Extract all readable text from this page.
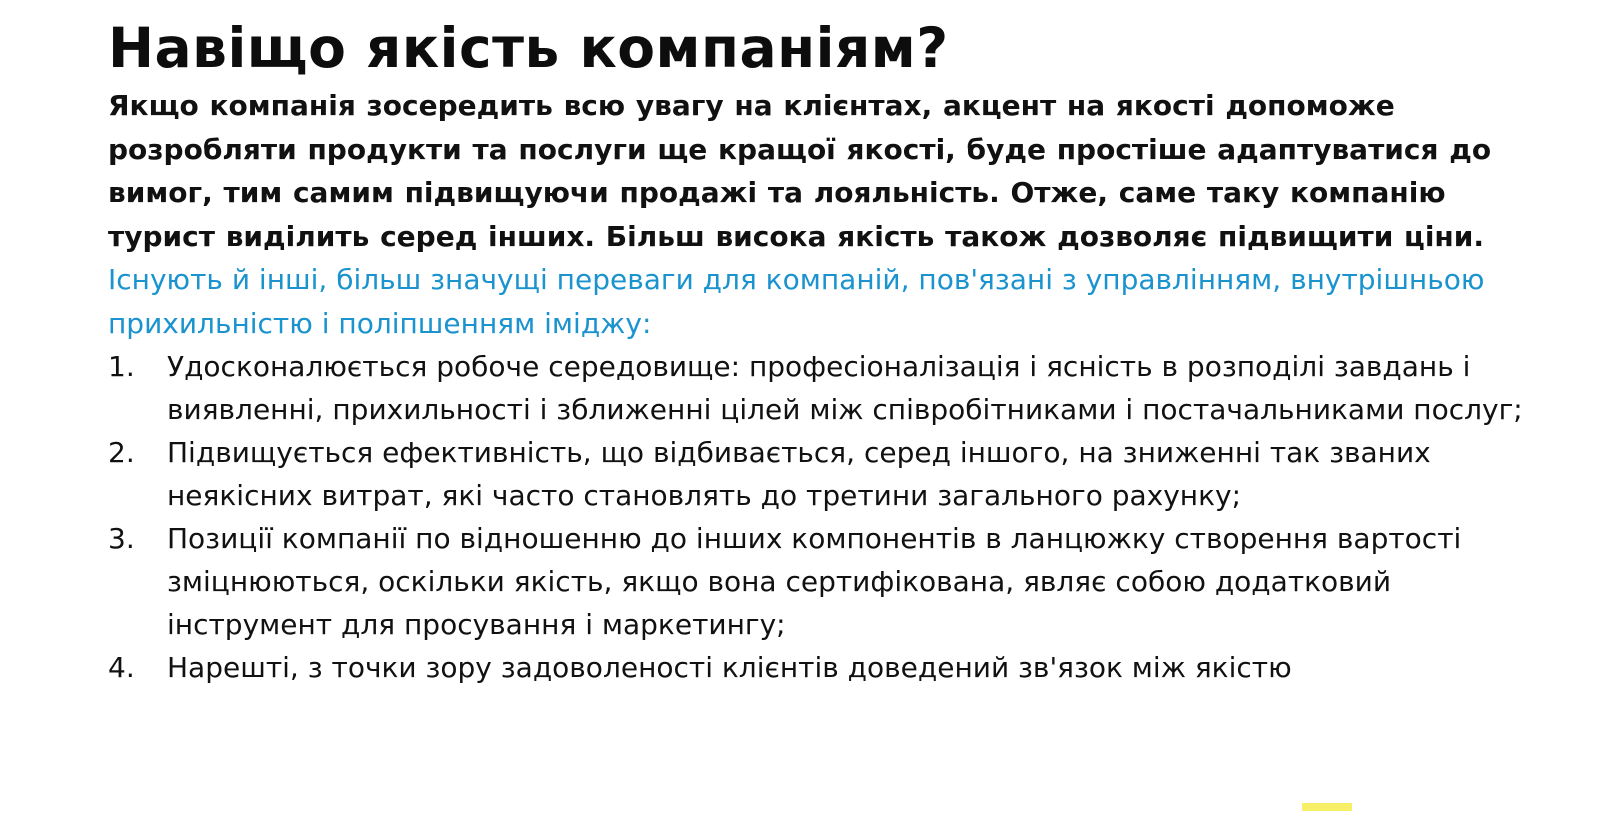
Навіщо якість компаніям?

Якщо компанія зосередить всю увагу на клієнтах, акцент на якості допоможе розробляти продукти та послуги ще кращої якості, буде простіше адаптуватися до вимог, тим самим підвищуючи продажі та лояльність. Отже, саме таку компанію турист виділить серед інших. Більш висока якість також дозволяє підвищити ціни.

Існують й інші, більш значущі переваги для компаній, пов'язані з управлінням, внутрішньою прихильністю і поліпшенням іміджу:

1. Удосконалюється робоче середовище: професіоналізація і ясність в розподілі завдань і виявленні, прихильності і зближенні цілей між співробітниками і постачальниками послуг;
2. Підвищується ефективність, що відбивається, серед іншого, на зниженні так званих неякісних витрат, які часто становлять до третини загального рахунку;
3. Позиції компанії по відношенню до інших компонентів в ланцюжку створення вартості зміцнюються, оскільки якість, якщо вона сертифікована, являє собою додатковий інструмент для просування і маркетингу;
4. Нарешті, з точки зору задоволеності клієнтів доведений зв'язок між якістю
